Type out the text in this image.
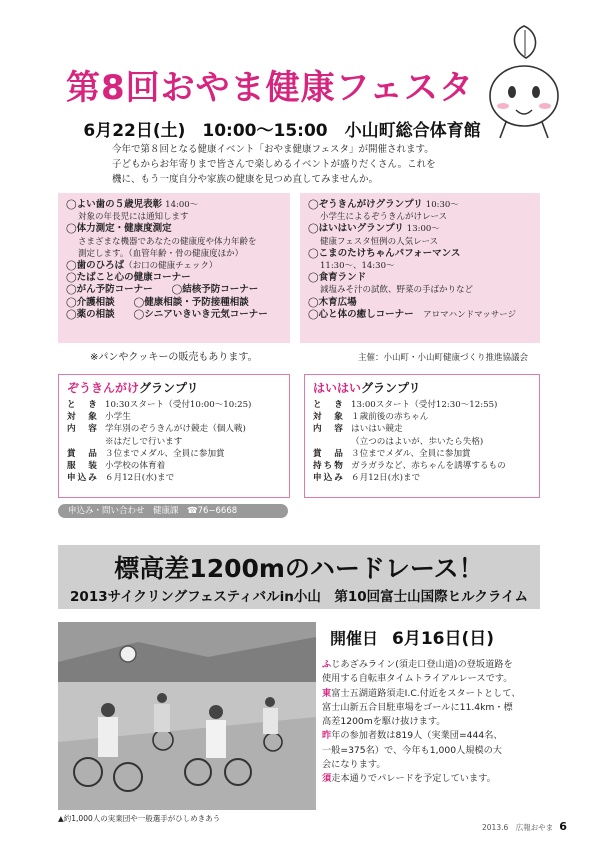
第8回おやま健康フェスタ
6月22日(土)　10:00〜15:00　小山町総合体育館
今年で第８回となる健康イベント「おやま健康フェスタ」が開催されます。
子どもからお年寄りまで皆さんで楽しめるイベントが盛りだくさん。これを
機に、もう一度自分や家族の健康を見つめ直してみませんか。
◯よい歯の５歳児表彰 14:00〜
対象の年長児には通知します
◯体力測定・健康度測定
さまざまな機器であなたの健康度や体力年齢を
測定します。（血管年齢・骨の健康度ほか）
◯歯のひろば（お口の健康チェック）
◯たばこと心の健康コーナー
◯がん予防コーナー　　◯結核予防コーナー
◯介護相談　　◯健康相談・予防接種相談
◯薬の相談　　◯シニアいきいき元気コーナー
◯ぞうきんがけグランプリ 10:30〜
小学生によるぞうきんがけレース
◯はいはいグランプリ 13:00〜
健康フェスタ恒例の人気レース
◯こまのたけちゃんパフォーマンス
11:30〜、14:30〜
◯食育ランド
減塩みそ汁の試飲、野菜の手ばかりなど
◯木育広場
◯心と体の癒しコーナー　 アロマハンドマッサージ
※パンやクッキーの販売もあります。	主催：小山町・小山町健康づくり推進協議会
ぞうきんがけグランプリ
と　き 10:30スタート（受付10:00〜10:25)
対　象 小学生
内　容 学年別のぞうきんがけ競走（個人戦)
※はだしで行います
賞　品 ３位までメダル、全員に参加賞
服　装 小学校の体育着
申込み ６月12日(水)まで
はいはいグランプリ
と　き 13:00スタート（受付12:30〜12:55)
対　象 １歳前後の赤ちゃん
内　容 はいはい競走
（立つのはよいが、歩いたら失格)
賞　品 ３位までメダル、全員に参加賞
持ち物 ガラガラなど、赤ちゃんを誘導するもの
申込み ６月12日(水)まで
申込み・問い合わせ　健康課　☎76−6668
標高差1200mのハードレース！
2013サイクリングフェスティバルin小山　第10回富士山国際ヒルクライム
▲約1,000人の実業団や一般選手がひしめきあう
開催日 6月16日(日)
ふじあざみライン(須走口登山道)の登坂道路を
使用する自転車タイムトライアルレースです。
東富士五湖道路須走I.C.付近をスタートとして、
富士山新五合目駐車場をゴールに11.4km・標
高差1200mを駆け抜けます。
昨年の参加者数は819人（実業団=444名、
一般=375名）で、今年も1,000人規模の大
会になります。
須走本通りでパレードを予定しています。
2013.6　広報おやま 6
